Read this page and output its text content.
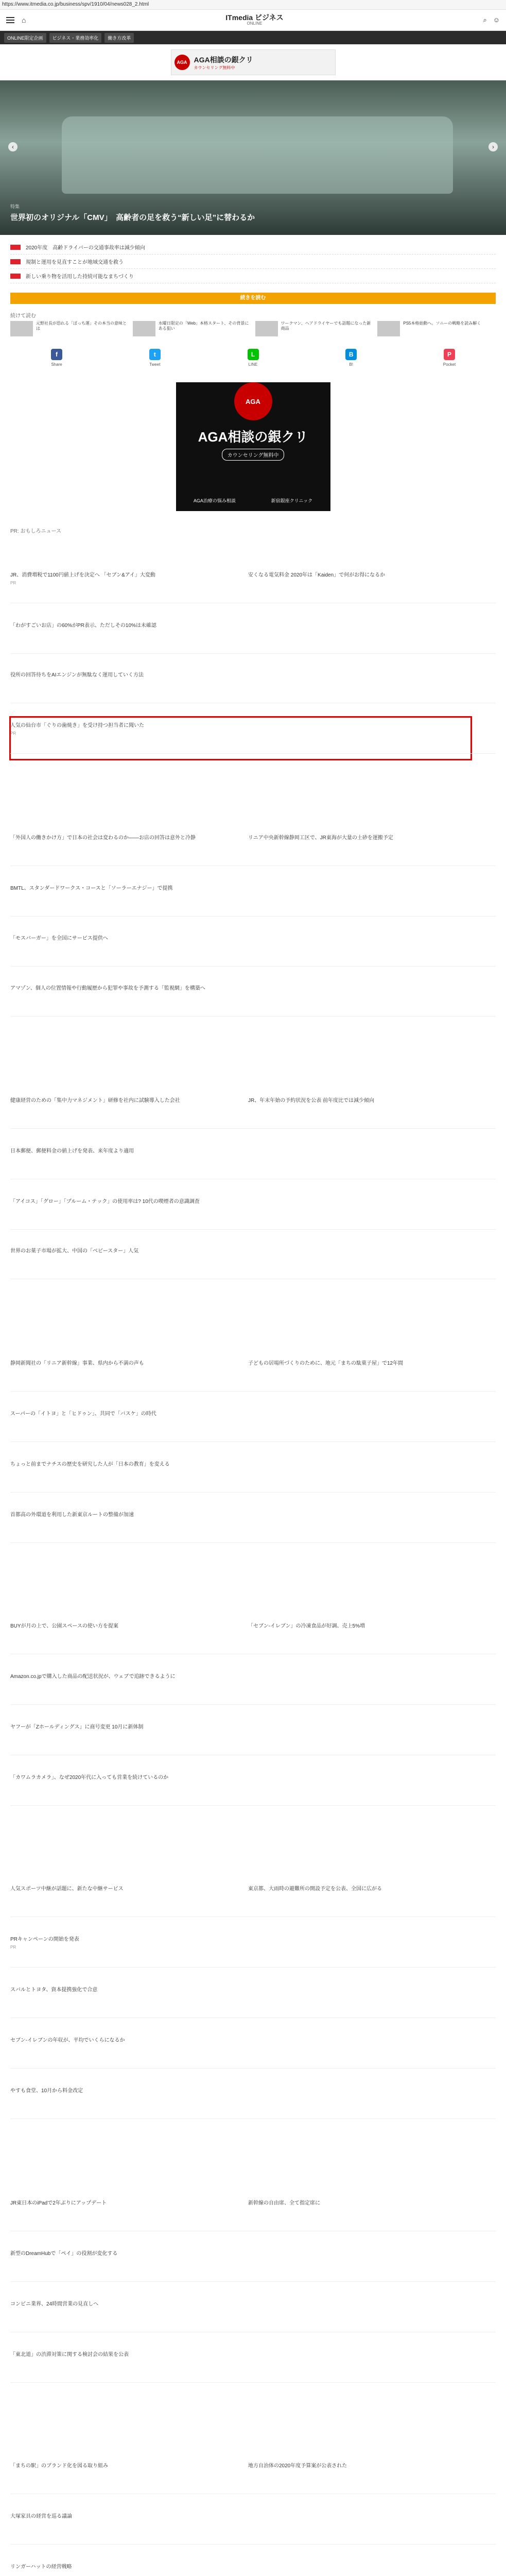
https://www.itmedia.co.jp/business/spv/1910/04/news028_2.html
⌂	ITmedia ビジネス
ONLINE	⌕ ☺
ONLINE限定企画	ビジネス・業務効率化	働き方改革
AGA AGA相談の銀クリ
カウンセリング無料中
‹	›
特集
世界初のオリジナル「CMV」　高齢者の足を救う“新しい足”に替わるか
2020年度　高齢ドライバーの交通事故率は減少傾向
規制と運用を見直すことが地域交通を救う
新しい乗り物を活用した持続可能なまちづくり
続きを読む
続けて読む
元野社長が恐れる「ぼっち運」その本当の意味とは
水曜日限定の「Web」本格スタート、その背景にある狙い
ワークマン、ヘアドライヤーでも話題になった新商品
PS5本格始動へ。ソニーの戦略を読み解く
f
Share
t
Tweet
L
LINE
B
B!
P
Pocket
AGA
AGA相談の銀クリ
カウンセリング無料中
AGA治療の悩み相談	新宿銀座クリニック
PR: おもしろニュース
JR、消費増税で1100円値上げを決定へ 「セブン&アイ」大変動
PR
安くなる電気料金 2020年は「Kaiden」で何がお得になるか
「わがすごいお店」の60%がPR表示、ただしその10%は未確認
役所の回答待ちをAIエンジンが無駄なく運用していく方法
人気の仙台市「ぐりの歯焼き」を受け持つ担当者に聞いた
PR
「外国人の働きかけ方」で日本の社会は変わるのか——お店の回答は意外と冷静	リニア中央新幹線静岡工区で、JR東海が大量の土砂を運搬予定
BMTL、スタンダードワークス・コースと「ソーラーエナジー」で提携
「モスバーガー」を全国にサービス提供へ
アマゾン、個人の位置情報や行動履歴から犯罪や事故を予測する「監視網」を構築へ
健康経営のための「集中力マネジメント」研修を社内に試験導入した会社	JR、年末年始の予約状況を公表 前年度比では減少傾向
日本郵便、郵便料金の値上げを発表、来年度より適用
「アイコス」「グロー」「プルーム・テック」の使用率は? 10代の喫煙者の意識調査
世界のお菓子市場が拡大、中国の「ベビースター」人気
静岡新聞社の「リニア新幹線」事業、県内から不満の声も	子どもの居場所づくりのために、地元「まちの駄菓子屋」で12年間
スーパーの「イトヨ」と「ヒドゥン」、共同で「バスケ」の時代
ちょっと前までナチスの歴史を研究した人が「日本の教育」を変える
首都高の外環道を利用した新東京ルートの整備が加速
BUYが月の上で、公園スペースの使い方を提案	「セブン-イレブン」の冷凍食品が好調、売上5%増
Amazon.co.jpで購入した商品の配送状況が、ウェブで追跡できるように
ヤフーが「Zホールディングス」に商号変更 10月に新体制
「カワムラカメラ」、なぜ2020年代に入っても営業を続けているのか
人気スポーツ中継が話題に、新たな中継サービス	東京都、大雨時の避難所の開設予定を公表、全国に広がる
PRキャンペーンの開始を発表
PR
スバルとトヨタ、資本提携強化で合意
セブン-イレブンの年収が、平均でいくらになるか
やすも食堂、10月から料金改定
JR東日本のiPadで2年ぶりにアップデート	新幹線の自由席、全て指定席に
新型のDreamHubで「ペイ」の役割が変化する
コンビニ業界、24時間営業の見直しへ
「東北道」の渋滞対策に関する検討会の結果を公表
「まちの駅」のブランド化を図る取り組み	地方自治体の2020年度予算案が公表された
大塚家具の経営を巡る議論
リンガーハットの経営戦略
